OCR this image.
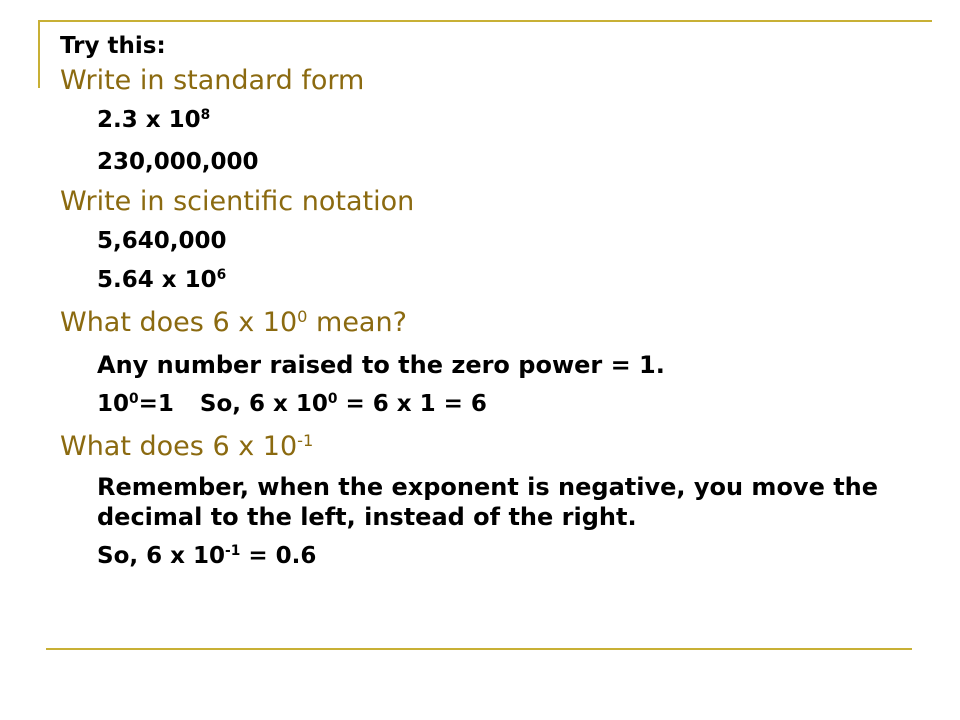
Try this:
Write in standard form
2.3 x $10^8$
230,000,000
Write in scientific notation
5,640,000
5.64 x $10^6$
What does 6 x $10^0$ mean?
Any number raised to the zero power = 1.
$10^0=1$ So, 6 x $10^0 = 6$ x 1 = 6
What does 6 x $10^{-1}$
Remember, when the exponent is negative, you move the decimal to the left, instead of the right.
So, 6 x $10^{-1} = 0.6$
